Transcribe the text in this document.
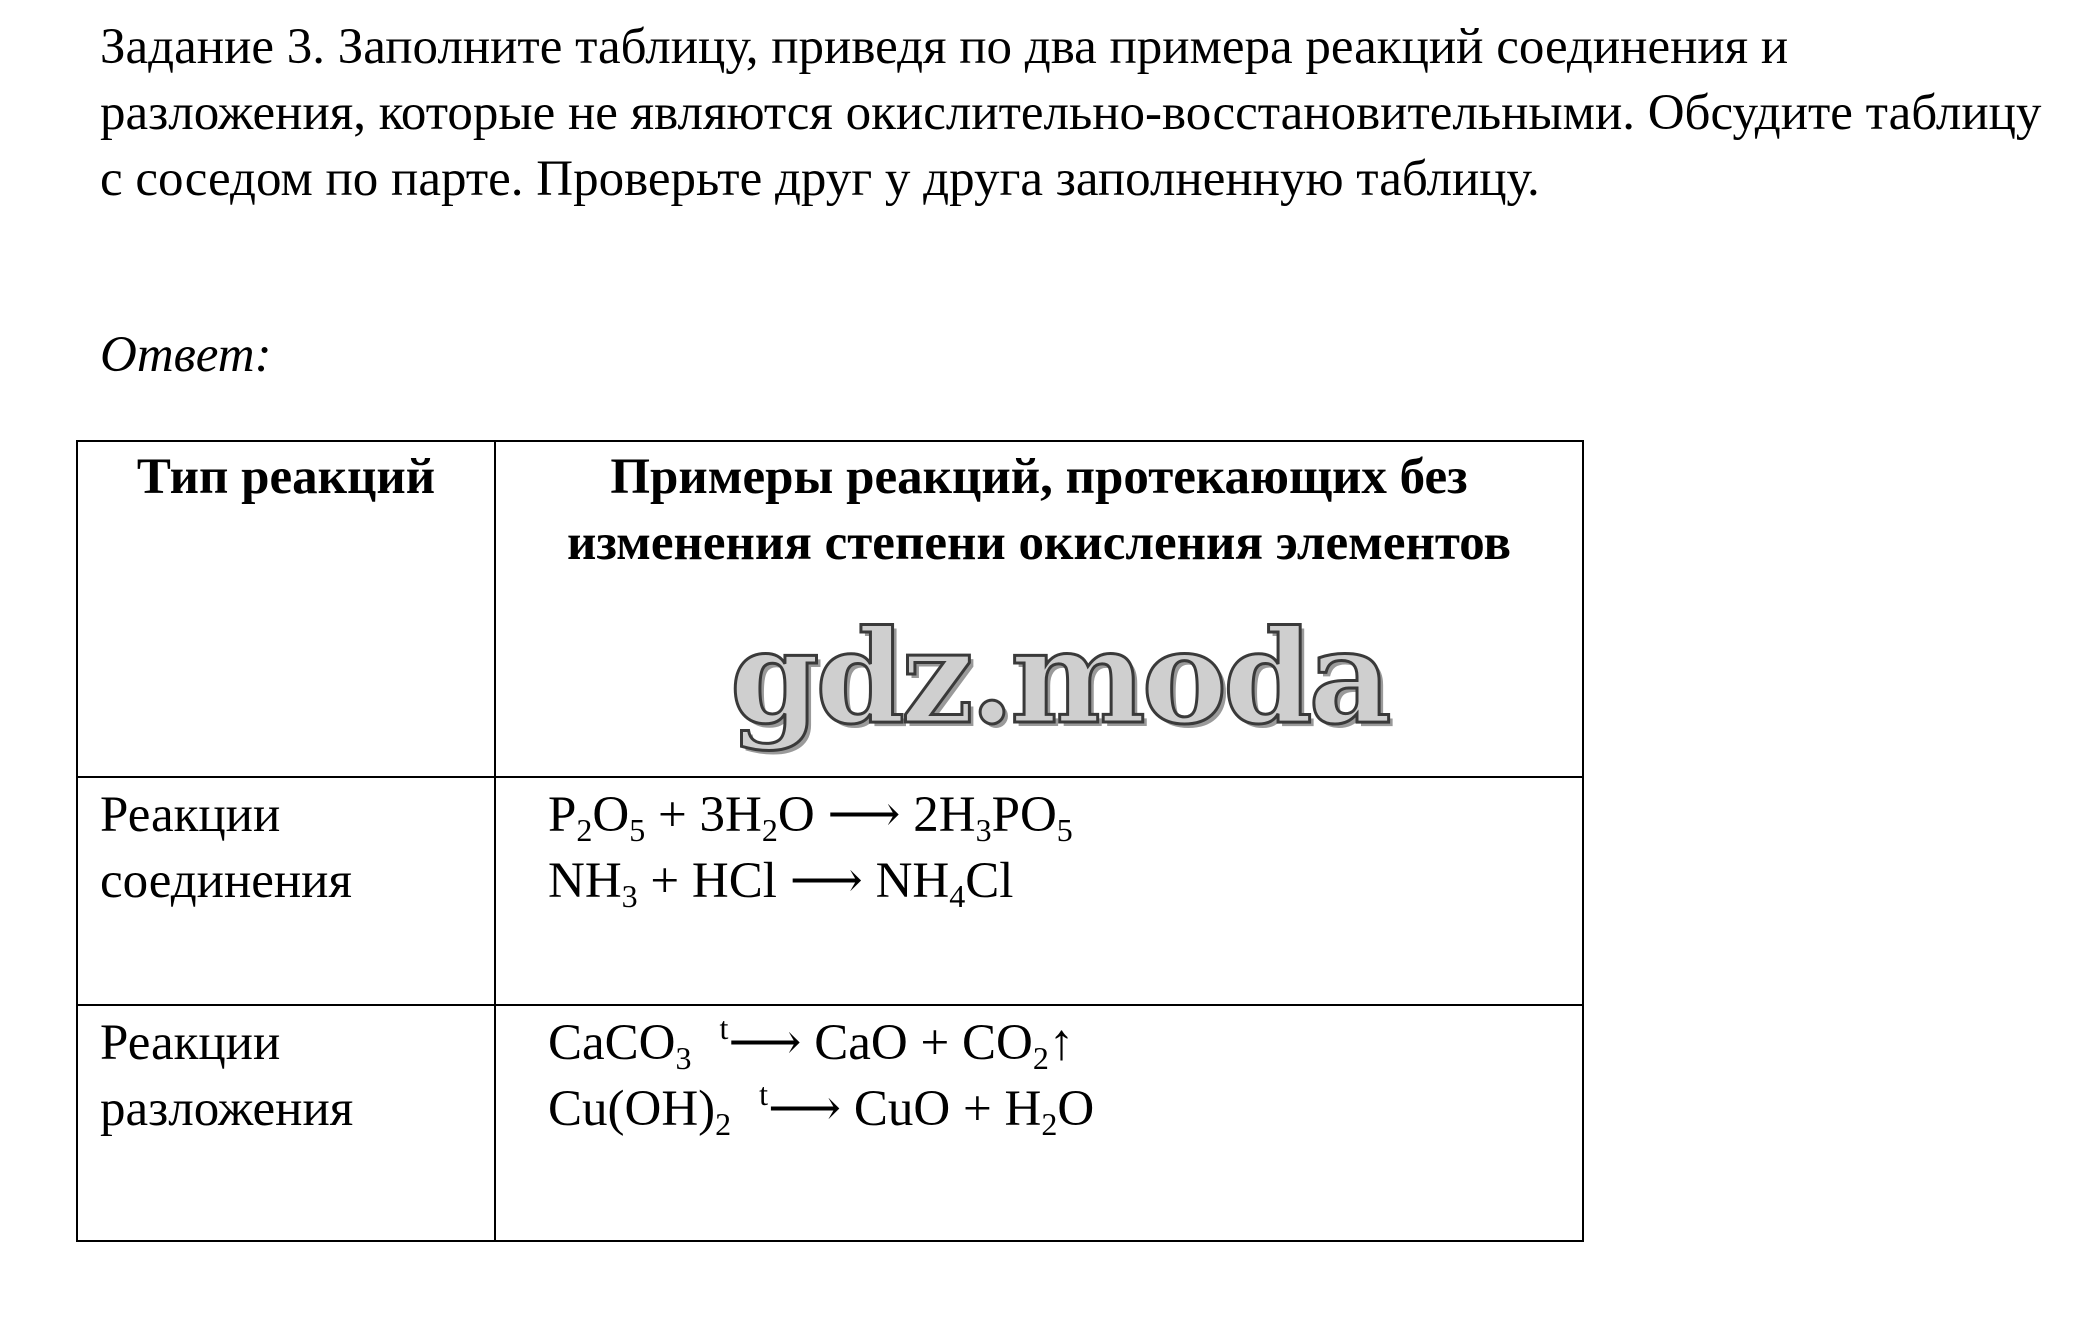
Задание 3. Заполните таблицу, приведя по два примера реакций соединения и разложения, которые не являются окислительно-восстановительными. Обсудите таблицу с соседом по парте. Проверьте друг у друга заполненную таблицу.

Ответ:

Тип реакций	Примеры реакций, протекающих без изменения степени окисления элементов
gdz.moda

Реакции соединения	$P_2O_5 + 3H_2O$ ⟶ $2H_3PO_5$
$NH_3$ + HCl ⟶ $NH_4Cl$

Реакции разложения	CaCO$_3^t$⟶ CaO + $CO_2↑$
$Cu(OH)_2^t⟶$ CuO + $H_2O$
